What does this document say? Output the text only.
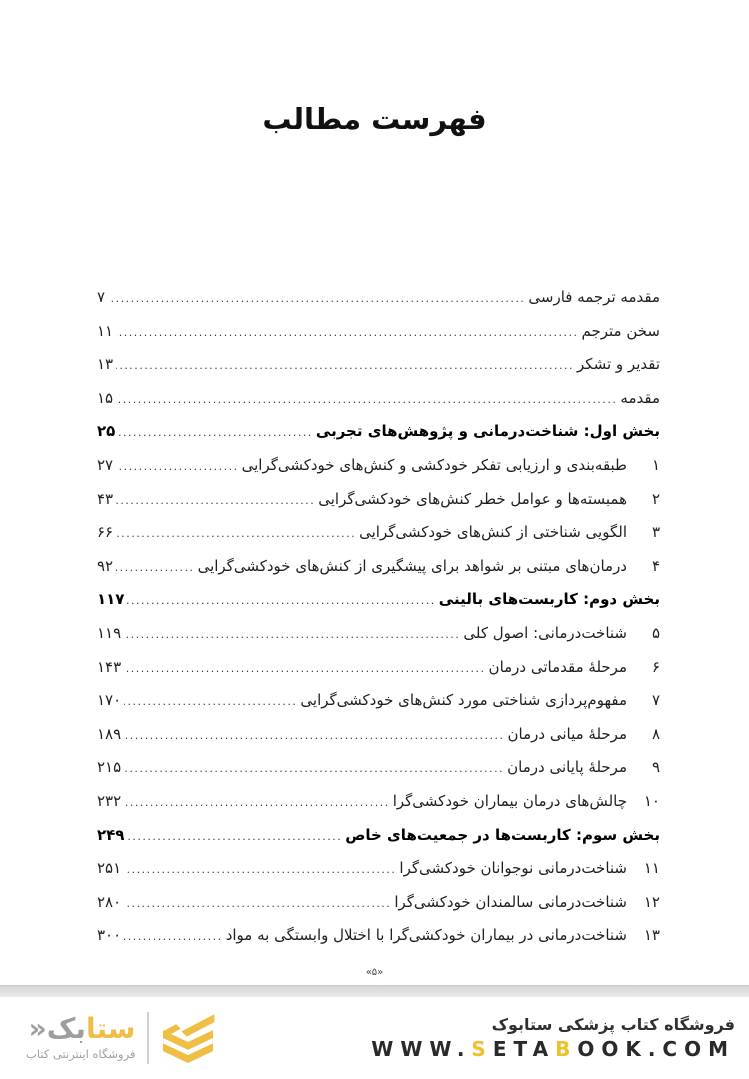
فهرست مطالب
مقدمه ترجمه فارسی
.....
۷
سخن مترجم
.....
۱۱
تقدیر و تشکر
.....
۱۳
مقدمه
.....
۱۵
بخش اول: شناخت‌درمانی و پژوهش‌های تجربی
.....
۲۵
۱
طبقه‌بندی و ارزیابی تفکر خودکشی و کنش‌های خودکشی‌گرایی
.....
۲۷
۲
همبسته‌ها و عوامل خطر کنش‌های خودکشی‌گرایی
.....
۴۳
۳
الگویی شناختی از کنش‌های خودکشی‌گرایی
.....
۶۶
۴
درمان‌های مبتنی بر شواهد برای پیشگیری از کنش‌های خودکشی‌گرایی
.....
۹۲
بخش دوم: کاربست‌های بالینی
.....
۱۱۷
۵
شناخت‌درمانی: اصول کلی
.....
۱۱۹
۶
مرحلۀ مقدماتی درمان
.....
۱۴۳
۷
مفهوم‌پردازی شناختی مورد کنش‌های خودکشی‌گرایی
.....
۱۷۰
۸
مرحلۀ میانی درمان
.....
۱۸۹
۹
مرحلۀ پایانی درمان
.....
۲۱۵
۱۰
چالش‌های درمان بیماران خودکشی‌گرا
.....
۲۳۲
بخش سوم: کاربست‌ها در جمعیت‌های خاص
.....
۲۴۹
۱۱
شناخت‌درمانی نوجوانان خودکشی‌گرا
.....
۲۵۱
۱۲
شناخت‌درمانی سالمندان خودکشی‌گرا
.....
۲۸۰
۱۳
شناخت‌درمانی در بیماران خودکشی‌گرا با اختلال وابستگی به مواد
.....
۳۰۰
«۵»
ستابک«
فروشگاه اینترنتی کتاب
فروشگاه کتاب پزشکی ستابوک
WWW.SETABOOK.COM
